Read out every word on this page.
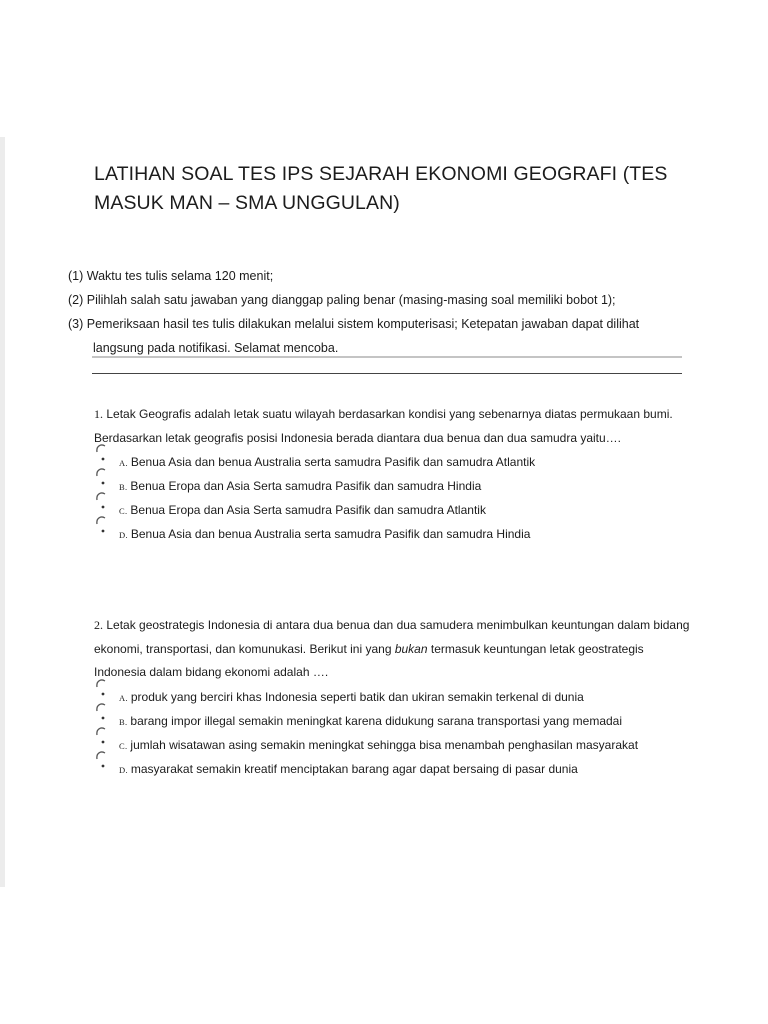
LATIHAN SOAL TES IPS SEJARAH EKONOMI GEOGRAFI (TES MASUK MAN – SMA UNGGULAN)
(1) Waktu tes tulis selama 120 menit;
(2) Pilihlah salah satu jawaban yang dianggap paling benar (masing-masing soal memiliki bobot 1);
(3) Pemeriksaan hasil tes tulis dilakukan melalui sistem komputerisasi; Ketepatan jawaban dapat dilihat
langsung pada notifikasi. Selamat mencoba.
1. Letak Geografis adalah letak suatu wilayah berdasarkan kondisi yang sebenarnya diatas permukaan bumi. Berdasarkan letak geografis posisi Indonesia berada diantara dua benua dan dua samudra yaitu….
A. Benua Asia dan benua Australia serta samudra Pasifik dan samudra Atlantik
B. Benua Eropa dan Asia Serta samudra Pasifik dan samudra Hindia
C. Benua Eropa dan Asia Serta samudra Pasifik dan samudra Atlantik
D. Benua Asia dan benua Australia serta samudra Pasifik dan samudra Hindia
2. Letak geostrategis Indonesia di antara dua benua dan dua samudera menimbulkan keuntungan dalam bidang ekonomi, transportasi, dan komunukasi. Berikut ini yang bukan termasuk keuntungan letak geostrategis Indonesia dalam bidang ekonomi adalah ….
A. produk yang berciri khas Indonesia seperti batik dan ukiran semakin terkenal di dunia
B. barang impor illegal semakin meningkat karena didukung sarana transportasi yang memadai
C. jumlah wisatawan asing semakin meningkat sehingga bisa menambah penghasilan masyarakat
D. masyarakat semakin kreatif menciptakan barang agar dapat bersaing di pasar dunia
